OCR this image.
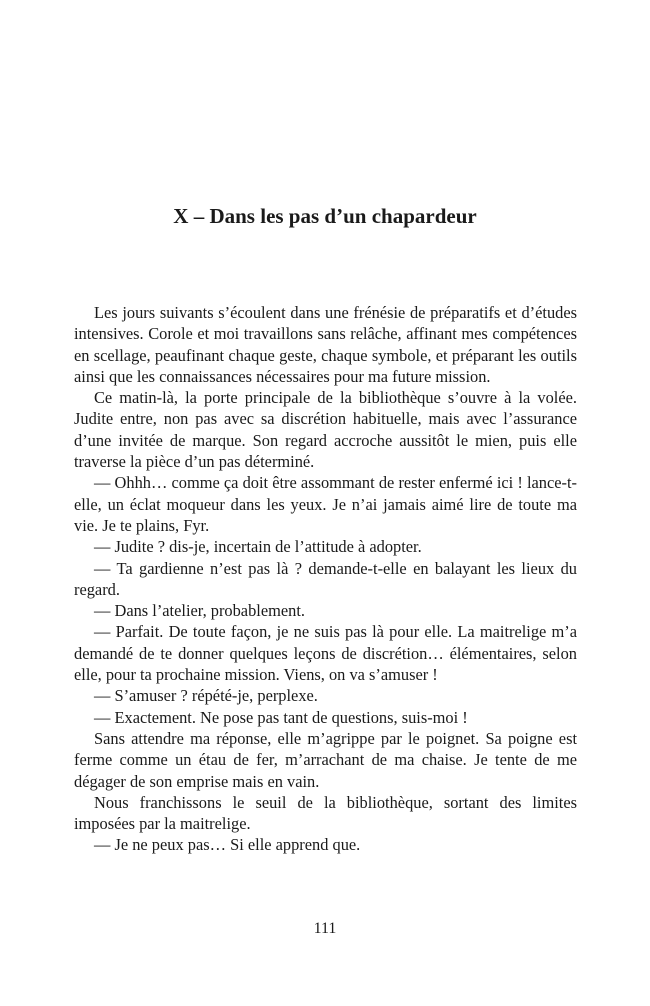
X – Dans les pas d’un chapardeur

Les jours suivants s’écoulent dans une frénésie de préparatifs et d’études intensives. Corole et moi travaillons sans relâche, affinant mes compétences en scellage, peaufinant chaque geste, chaque symbole, et préparant les outils ainsi que les connaissances nécessaires pour ma future mission.

Ce matin-là, la porte principale de la bibliothèque s’ouvre à la volée. Judite entre, non pas avec sa discrétion habituelle, mais avec l’assurance d’une invitée de marque. Son regard accroche aussitôt le mien, puis elle traverse la pièce d’un pas déterminé.

— Ohhh… comme ça doit être assommant de rester enfermé ici ! lance-t-elle, un éclat moqueur dans les yeux. Je n’ai jamais aimé lire de toute ma vie. Je te plains, Fyr.

— Judite ? dis-je, incertain de l’attitude à adopter.

— Ta gardienne n’est pas là ? demande-t-elle en balayant les lieux du regard.

— Dans l’atelier, probablement.

— Parfait. De toute façon, je ne suis pas là pour elle. La maitrelige m’a demandé de te donner quelques leçons de discrétion… élémentaires, selon elle, pour ta prochaine mission. Viens, on va s’amuser !

— S’amuser ? répété-je, perplexe.

— Exactement. Ne pose pas tant de questions, suis-moi !

Sans attendre ma réponse, elle m’agrippe par le poignet. Sa poigne est ferme comme un étau de fer, m’arrachant de ma chaise. Je tente de me dégager de son emprise mais en vain.

Nous franchissons le seuil de la bibliothèque, sortant des limites imposées par la maitrelige.

— Je ne peux pas… Si elle apprend que.

111
